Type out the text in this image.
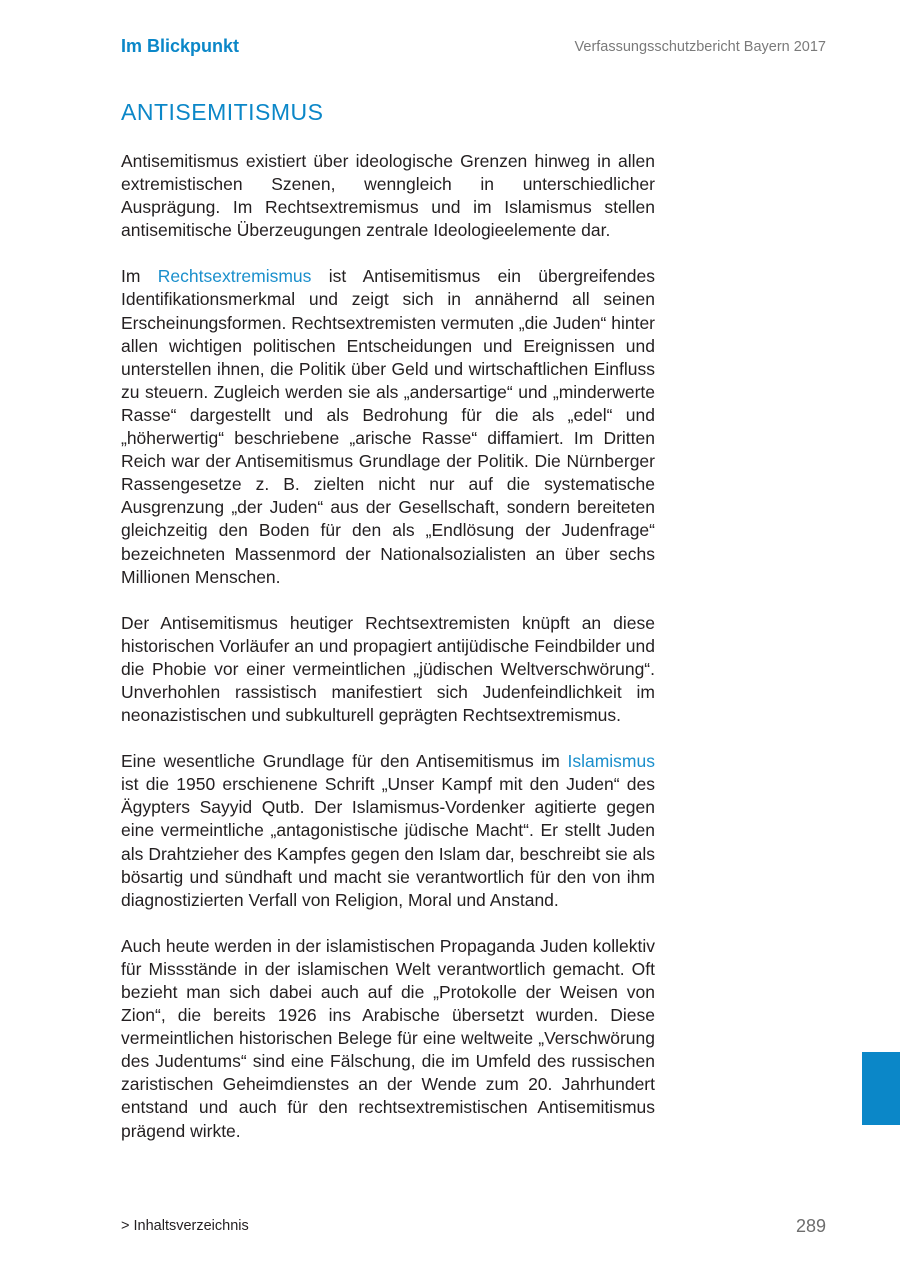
Im Blickpunkt	Verfassungsschutzbericht Bayern 2017
ANTISEMITISMUS

Antisemitismus existiert über ideologische Grenzen hinweg in allen extremistischen Szenen, wenngleich in unterschiedlicher Ausprägung. Im Rechtsextremismus und im Islamismus stellen antisemitische Überzeugungen zentrale Ideologieelemente dar.

Im Rechtsextremismus ist Antisemitismus ein übergreifendes Identifikationsmerkmal und zeigt sich in annähernd all seinen Erscheinungsformen. Rechtsextremisten vermuten „die Juden“ hinter allen wichtigen politischen Entscheidungen und Ereignissen und unterstellen ihnen, die Politik über Geld und wirtschaftlichen Einfluss zu steuern. Zugleich werden sie als „andersartige“ und „minderwerte Rasse“ dargestellt und als Bedrohung für die als „edel“ und „höherwertig“ beschriebene „arische Rasse“ diffamiert. Im Dritten Reich war der Antisemitismus Grundlage der Politik. Die Nürnberger Rassengesetze z. B. zielten nicht nur auf die systematische Ausgrenzung „der Juden“ aus der Gesellschaft, sondern bereiteten gleichzeitig den Boden für den als „Endlösung der Judenfrage“ bezeichneten Massenmord der Nationalsozialisten an über sechs Millionen Menschen.

Der Antisemitismus heutiger Rechtsextremisten knüpft an diese historischen Vorläufer an und propagiert antijüdische Feindbilder und die Phobie vor einer vermeintlichen „jüdischen Weltverschwörung“. Unverhohlen rassistisch manifestiert sich Judenfeindlichkeit im neonazistischen und subkulturell geprägten Rechtsextremismus.

Eine wesentliche Grundlage für den Antisemitismus im Islamismus ist die 1950 erschienene Schrift „Unser Kampf mit den Juden“ des Ägypters Sayyid Qutb. Der Islamismus-Vordenker agitierte gegen eine vermeintliche „antagonistische jüdische Macht“. Er stellt Juden als Drahtzieher des Kampfes gegen den Islam dar, beschreibt sie als bösartig und sündhaft und macht sie verantwortlich für den von ihm diagnostizierten Verfall von Religion, Moral und Anstand.

Auch heute werden in der islamistischen Propaganda Juden kollektiv für Missstände in der islamischen Welt verantwortlich gemacht. Oft bezieht man sich dabei auch auf die „Protokolle der Weisen von Zion“, die bereits 1926 ins Arabische übersetzt wurden. Diese vermeintlichen historischen Belege für eine weltweite „Verschwörung des Judentums“ sind eine Fälschung, die im Umfeld des russischen zaristischen Geheimdienstes an der Wende zum 20. Jahrhundert entstand und auch für den rechtsextremistischen Antisemitismus prägend wirkte.

> Inhaltsverzeichnis	289
